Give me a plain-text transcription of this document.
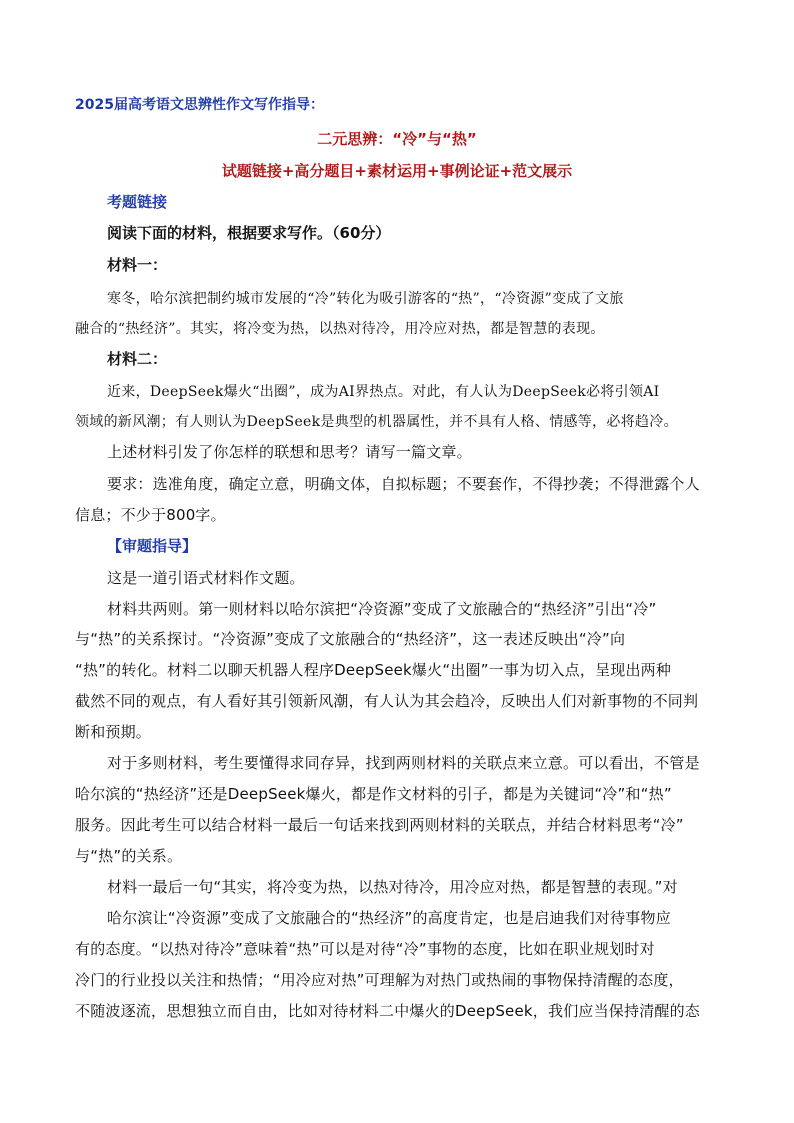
2025届高考语文思辨性作文写作指导：
二元思辨：“冷”与“热”
试题链接+高分题目+素材运用+事例论证+范文展示
考题链接
阅读下面的材料，根据要求写作。（60分）
材料一：
寒冬，哈尔滨把制约城市发展的“冷”转化为吸引游客的“热”，“冷资源”变成了文旅
融合的“热经济”。其实，将冷变为热，以热对待冷，用冷应对热，都是智慧的表现。
材料二：
近来，DeepSeek爆火“出圈”，成为AI界热点。对此，有人认为DeepSeek必将引领AI
领域的新风潮；有人则认为DeepSeek是典型的机器属性，并不具有人格、情感等，必将趋冷。
上述材料引发了你怎样的联想和思考？请写一篇文章。
要求：选准角度，确定立意，明确文体，自拟标题；不要套作，不得抄袭；不得泄露个人
信息；不少于800字。
【审题指导】
这是一道引语式材料作文题。
材料共两则。第一则材料以哈尔滨把“冷资源”变成了文旅融合的“热经济”引出“冷”
与“热”的关系探讨。“冷资源”变成了文旅融合的“热经济”，这一表述反映出“冷”向
“热”的转化。材料二以聊天机器人程序DeepSeek爆火“出圈”一事为切入点，呈现出两种
截然不同的观点，有人看好其引领新风潮，有人认为其会趋冷，反映出人们对新事物的不同判
断和预期。
对于多则材料，考生要懂得求同存异，找到两则材料的关联点来立意。可以看出，不管是
哈尔滨的“热经济”还是DeepSeek爆火，都是作文材料的引子，都是为关键词“冷”和“热”
服务。因此考生可以结合材料一最后一句话来找到两则材料的关联点，并结合材料思考“冷”
与“热”的关系。
材料一最后一句“其实，将冷变为热，以热对待冷，用冷应对热，都是智慧的表现。”对
哈尔滨让“冷资源”变成了文旅融合的“热经济”的高度肯定，也是启迪我们对待事物应
有的态度。“以热对待冷”意味着“热”可以是对待“冷”事物的态度，比如在职业规划时对
冷门的行业投以关注和热情；“用冷应对热”可理解为对热门或热闹的事物保持清醒的态度，
不随波逐流，思想独立而自由，比如对待材料二中爆火的DeepSeek，我们应当保持清醒的态
